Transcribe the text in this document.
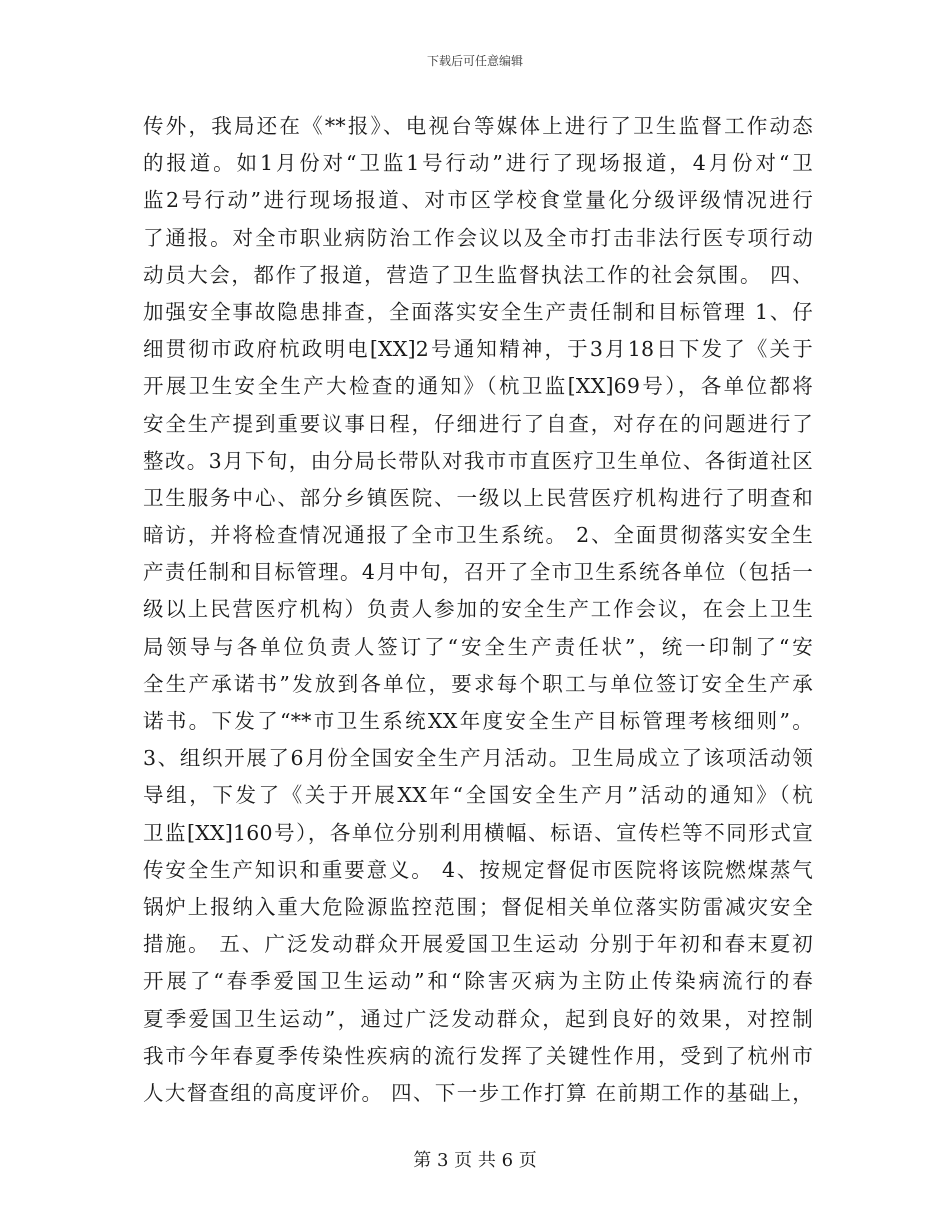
下载后可任意编辑
传外，我局还在《**报》、电视台等媒体上进行了卫生监督工作动态
的报道。如1月份对“卫监1号行动”进行了现场报道，4月份对“卫
监2号行动”进行现场报道、对市区学校食堂量化分级评级情况进行
了通报。对全市职业病防治工作会议以及全市打击非法行医专项行动
动员大会，都作了报道，营造了卫生监督执法工作的社会氛围。 四、
加强安全事故隐患排查，全面落实安全生产责任制和目标管理 1、仔
细贯彻市政府杭政明电[XX]2号通知精神，于3月18日下发了《关于
开展卫生安全生产大检查的通知》（杭卫监[XX]69号），各单位都将
安全生产提到重要议事日程，仔细进行了自查，对存在的问题进行了
整改。3月下旬，由分局长带队对我市市直医疗卫生单位、各街道社区
卫生服务中心、部分乡镇医院、一级以上民营医疗机构进行了明查和
暗访，并将检查情况通报了全市卫生系统。 2、全面贯彻落实安全生
产责任制和目标管理。4月中旬，召开了全市卫生系统各单位（包括一
级以上民营医疗机构）负责人参加的安全生产工作会议，在会上卫生
局领导与各单位负责人签订了“安全生产责任状”，统一印制了“安
全生产承诺书”发放到各单位，要求每个职工与单位签订安全生产承
诺书。下发了“**市卫生系统XX年度安全生产目标管理考核细则”。
3、组织开展了6月份全国安全生产月活动。卫生局成立了该项活动领
导组，下发了《关于开展XX年“全国安全生产月”活动的通知》（杭
卫监[XX]160号），各单位分别利用横幅、标语、宣传栏等不同形式宣
传安全生产知识和重要意义。 4、按规定督促市医院将该院燃煤蒸气
锅炉上报纳入重大危险源监控范围；督促相关单位落实防雷减灾安全
措施。 五、广泛发动群众开展爱国卫生运动 分别于年初和春末夏初
开展了“春季爱国卫生运动”和“除害灭病为主防止传染病流行的春
夏季爱国卫生运动”，通过广泛发动群众，起到良好的效果，对控制
我市今年春夏季传染性疾病的流行发挥了关键性作用，受到了杭州市
人大督查组的高度评价。 四、下一步工作打算 在前期工作的基础上，
第 3 页 共 6 页
